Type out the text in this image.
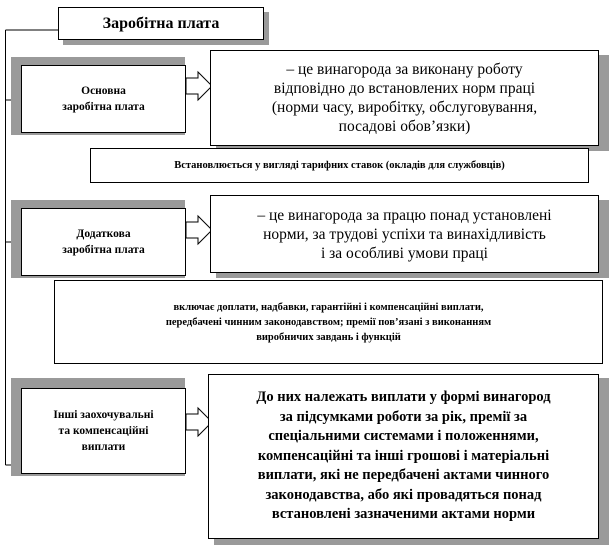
Заробітна плата
Основна
заробітна плата
– це винагорода за виконану роботу
відповідно до встановлених норм праці
(норми часу, виробітку, обслуговування,
посадові обов’язки)
Встановлюється у вигляді тарифних ставок (окладів для службовців)
Додаткова
заробітна плата
– це винагорода за працю понад установлені
норми, за трудові успіхи та винахідливість
і за особливі умови праці
включає доплати, надбавки, гарантійні і компенсаційні виплати,
передбачені чинним законодавством; премії пов’язані з виконанням
виробничих завдань і функцій
Інші заохочувальні
та компенсаційні
виплати
До них належать виплати у формі винагород
за підсумками роботи за рік, премії за
спеціальними системами і положеннями,
компенсаційні та інші грошові і матеріальні
виплати, які не передбачені актами чинного
законодавства, або які провадяться понад
встановлені зазначеними актами норми
